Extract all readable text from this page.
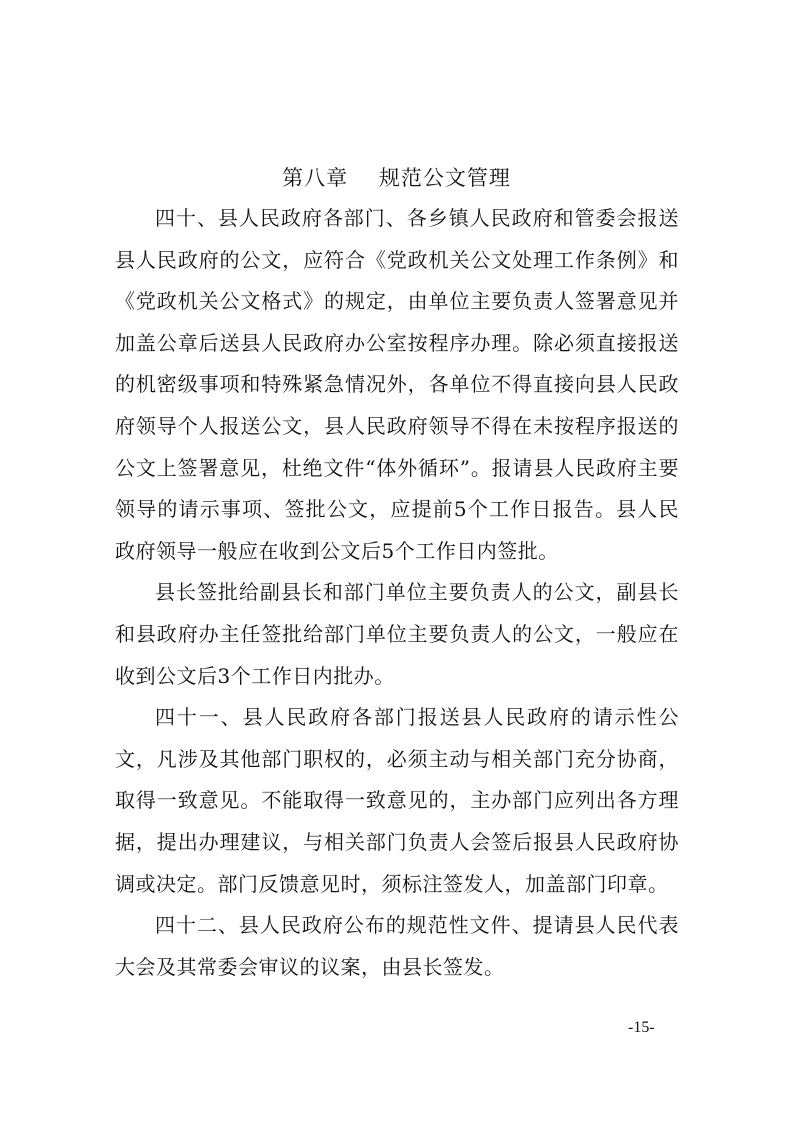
第八章    规范公文管理

四十、县人民政府各部门、各乡镇人民政府和管委会报送县人民政府的公文，应符合《党政机关公文处理工作条例》和《党政机关公文格式》的规定，由单位主要负责人签署意见并加盖公章后送县人民政府办公室按程序办理。除必须直接报送的机密级事项和特殊紧急情况外，各单位不得直接向县人民政府领导个人报送公文，县人民政府领导不得在未按程序报送的公文上签署意见，杜绝文件“体外循环”。报请县人民政府主要领导的请示事项、签批公文，应提前5个工作日报告。县人民政府领导一般应在收到公文后5个工作日内签批。

县长签批给副县长和部门单位主要负责人的公文，副县长和县政府办主任签批给部门单位主要负责人的公文，一般应在收到公文后3个工作日内批办。

四十一、县人民政府各部门报送县人民政府的请示性公文，凡涉及其他部门职权的，必须主动与相关部门充分协商，取得一致意见。不能取得一致意见的，主办部门应列出各方理据，提出办理建议，与相关部门负责人会签后报县人民政府协调或决定。部门反馈意见时，须标注签发人，加盖部门印章。

四十二、县人民政府公布的规范性文件、提请县人民代表大会及其常委会审议的议案，由县长签发。

-15-
